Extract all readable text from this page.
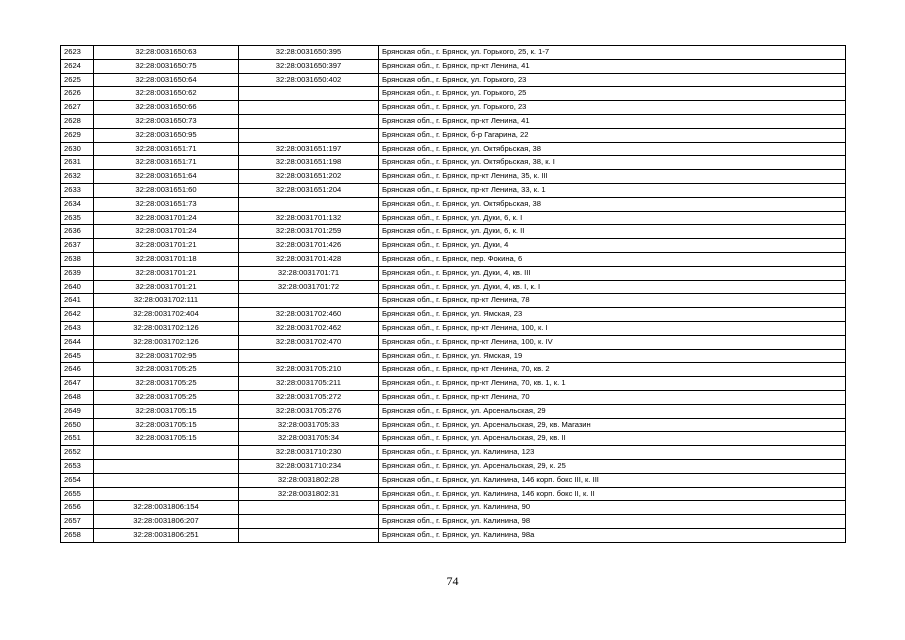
2623	32:28:0031650:63	32:28:0031650:395	Брянская обл., г. Брянск, ул. Горького, 25, к. 1-7
2624	32:28:0031650:75	32:28:0031650:397	Брянская обл., г. Брянск, пр-кт Ленина, 41
2625	32:28:0031650:64	32:28:0031650:402	Брянская обл., г. Брянск, ул. Горького, 23
2626	32:28:0031650:62		Брянская обл., г. Брянск, ул. Горького, 25
2627	32:28:0031650:66		Брянская обл., г. Брянск, ул. Горького, 23
2628	32:28:0031650:73		Брянская обл., г. Брянск, пр-кт Ленина, 41
2629	32:28:0031650:95		Брянская обл., г. Брянск, б-р Гагарина, 22
2630	32:28:0031651:71	32:28:0031651:197	Брянская обл., г. Брянск, ул. Октябрьская, 38
2631	32:28:0031651:71	32:28:0031651:198	Брянская обл., г. Брянск, ул. Октябрьская, 38, к. I
2632	32:28:0031651:64	32:28:0031651:202	Брянская обл., г. Брянск, пр-кт Ленина, 35, к. III
2633	32:28:0031651:60	32:28:0031651:204	Брянская обл., г. Брянск, пр-кт Ленина, 33, к. 1
2634	32:28:0031651:73		Брянская обл., г. Брянск, ул. Октябрьская, 38
2635	32:28:0031701:24	32:28:0031701:132	Брянская обл., г. Брянск, ул. Дуки, 6, к. I
2636	32:28:0031701:24	32:28:0031701:259	Брянская обл., г. Брянск, ул. Дуки, 6, к. II
2637	32:28:0031701:21	32:28:0031701:426	Брянская обл., г. Брянск, ул. Дуки, 4
2638	32:28:0031701:18	32:28:0031701:428	Брянская обл., г. Брянск, пер. Фокина, 6
2639	32:28:0031701:21	32:28:0031701:71	Брянская обл., г. Брянск, ул. Дуки, 4, кв. III
2640	32:28:0031701:21	32:28:0031701:72	Брянская обл., г. Брянск, ул. Дуки, 4, кв. I, к. I
2641	32:28:0031702:111		Брянская обл., г. Брянск, пр-кт Ленина, 78
2642	32:28:0031702:404	32:28:0031702:460	Брянская обл., г. Брянск, ул. Ямская, 23
2643	32:28:0031702:126	32:28:0031702:462	Брянская обл., г. Брянск, пр-кт Ленина, 100, к. I
2644	32:28:0031702:126	32:28:0031702:470	Брянская обл., г. Брянск, пр-кт Ленина, 100, к. IV
2645	32:28:0031702:95		Брянская обл., г. Брянск, ул. Ямская, 19
2646	32:28:0031705:25	32:28:0031705:210	Брянская обл., г. Брянск, пр-кт Ленина, 70, кв. 2
2647	32:28:0031705:25	32:28:0031705:211	Брянская обл., г. Брянск, пр-кт Ленина, 70, кв. 1, к. 1
2648	32:28:0031705:25	32:28:0031705:272	Брянская обл., г. Брянск, пр-кт Ленина, 70
2649	32:28:0031705:15	32:28:0031705:276	Брянская обл., г. Брянск, ул. Арсенальская, 29
2650	32:28:0031705:15	32:28:0031705:33	Брянская обл., г. Брянск, ул. Арсенальская, 29, кв. Магазин
2651	32:28:0031705:15	32:28:0031705:34	Брянская обл., г. Брянск, ул. Арсенальская, 29, кв. II
2652		32:28:0031710:230	Брянская обл., г. Брянск, ул. Калинина, 123
2653		32:28:0031710:234	Брянская обл., г. Брянск, ул. Арсенальская, 29, к. 25
2654		32:28:0031802:28	Брянская обл., г. Брянск, ул. Калинина, 146 корп. бокс III, к. III
2655		32:28:0031802:31	Брянская обл., г. Брянск, ул. Калинина, 146 корп. бокс II, к. II
2656	32:28:0031806:154		Брянская обл., г. Брянск, ул. Калинина, 90
2657	32:28:0031806:207		Брянская обл., г. Брянск, ул. Калинина, 98
2658	32:28:0031806:251		Брянская обл., г. Брянск, ул. Калинина, 98а
74
